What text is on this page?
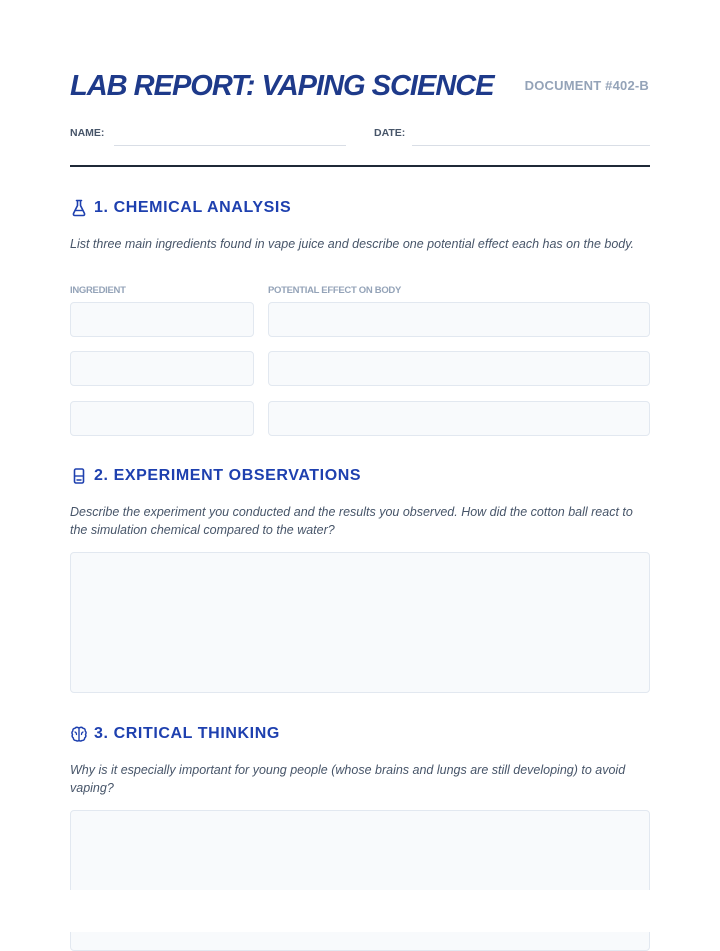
LAB REPORT: VAPING SCIENCE DOCUMENT #402-B
NAME:	DATE:
1. CHEMICAL ANALYSIS

List three main ingredients found in vape juice and describe one potential effect each has on the body.

INGREDIENT	POTENTIAL EFFECT ON BODY
2. EXPERIMENT OBSERVATIONS

Describe the experiment you conducted and the results you observed. How did the cotton ball react to the simulation chemical compared to the water?

3. CRITICAL THINKING

Why is it especially important for young people (whose brains and lungs are still developing) to avoid vaping?
